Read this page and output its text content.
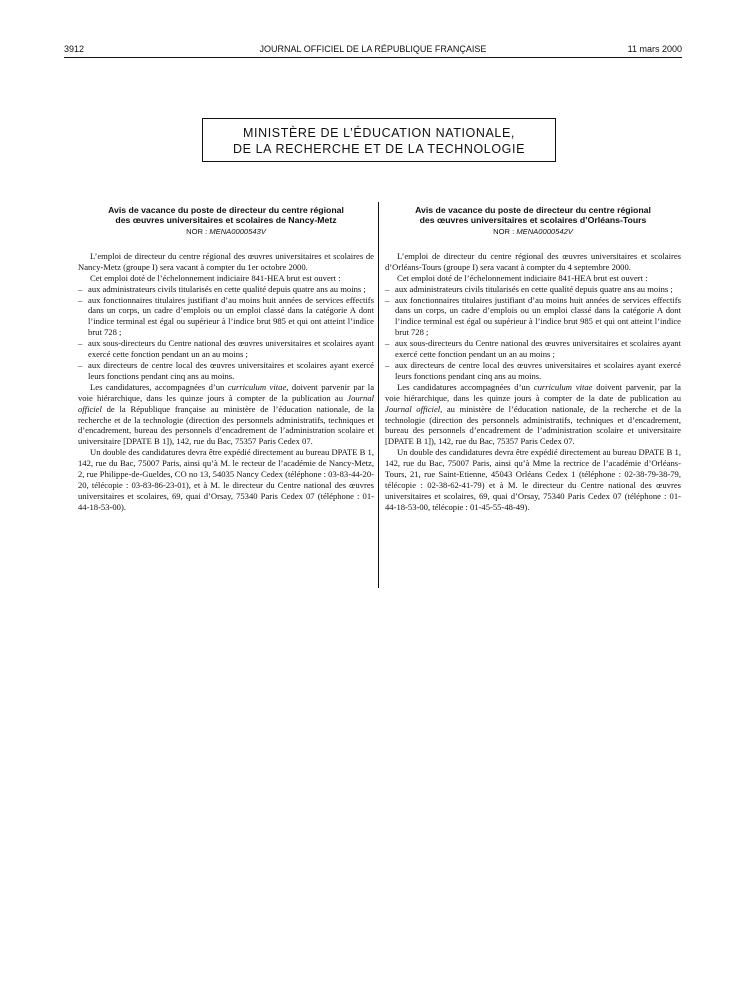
3912	JOURNAL OFFICIEL DE LA RÉPUBLIQUE FRANÇAISE	11 mars 2000
MINISTÈRE DE L’ÉDUCATION NATIONALE,
DE LA RECHERCHE ET DE LA TECHNOLOGIE
Avis de vacance du poste de directeur du centre régional
des œuvres universitaires et scolaires de Nancy-Metz
NOR : MENA0000543V

L’emploi de directeur du centre régional des œuvres universitaires et scolaires de Nancy-Metz (groupe I) sera vacant à compter du 1er octobre 2000.

Cet emploi doté de l’échelonnement indiciaire 841-HEA brut est ouvert :

– aux administrateurs civils titularisés en cette qualité depuis quatre ans au moins ;
– aux fonctionnaires titulaires justifiant d’au moins huit années de services effectifs dans un corps, un cadre d’emplois ou un emploi classé dans la catégorie A dont l’indice terminal est égal ou supérieur à l’indice brut 985 et qui ont atteint l’indice brut 728 ;
– aux sous-directeurs du Centre national des œuvres universitaires et scolaires ayant exercé cette fonction pendant un an au moins ;
– aux directeurs de centre local des œuvres universitaires et scolaires ayant exercé leurs fonctions pendant cinq ans au moins.

Les candidatures, accompagnées d’un curriculum vitae, doivent parvenir par la voie hiérarchique, dans les quinze jours à compter de la publication au Journal officiel de la République française au ministère de l’éducation nationale, de la recherche et de la technologie (direction des personnels administratifs, techniques et d’encadrement, bureau des personnels d’encadrement de l’administration scolaire et universitaire [DPATE B 1]), 142, rue du Bac, 75357 Paris Cedex 07.

Un double des candidatures devra être expédié directement au bureau DPATE B 1, 142, rue du Bac, 75007 Paris, ainsi qu’à M. le recteur de l’académie de Nancy-Metz, 2, rue Philippe-de-Gueldes, CO no 13, 54035 Nancy Cedex (téléphone : 03-83-44-20-20, télécopie : 03-83-86-23-01), et à M. le directeur du Centre national des œuvres universitaires et scolaires, 69, quai d’Orsay, 75340 Paris Cedex 07 (téléphone : 01-44-18-53-00).

Avis de vacance du poste de directeur du centre régional
des œuvres universitaires et scolaires d’Orléans-Tours
NOR : MENA0000542V

L’emploi de directeur du centre régional des œuvres universitaires et scolaires d’Orléans-Tours (groupe I) sera vacant à compter du 4 septembre 2000.

Cet emploi doté de l’échelonnement indiciaire 841-HEA brut est ouvert :

– aux administrateurs civils titularisés en cette qualité depuis quatre ans au moins ;
– aux fonctionnaires titulaires justifiant d’au moins huit années de services effectifs dans un corps, un cadre d’emplois ou un emploi classé dans la catégorie A dont l’indice terminal est égal ou supérieur à l’indice brut 985 et qui ont atteint l’indice brut 728 ;
– aux sous-directeurs du Centre national des œuvres universitaires et scolaires ayant exercé cette fonction pendant un an au moins ;
– aux directeurs de centre local des œuvres universitaires et scolaires ayant exercé leurs fonctions pendant cinq ans au moins.

Les candidatures accompagnées d’un curriculum vitae doivent parvenir, par la voie hiérarchique, dans les quinze jours à compter de la date de publication au Journal officiel, au ministère de l’éducation nationale, de la recherche et de la technologie (direction des personnels administratifs, techniques et d’encadrement, bureau des personnels d’encadrement de l’administration scolaire et universitaire [DPATE B 1]), 142, rue du Bac, 75357 Paris Cedex 07.

Un double des candidatures devra être expédié directement au bureau DPATE B 1, 142, rue du Bac, 75007 Paris, ainsi qu’à Mme la rectrice de l’académie d’Orléans-Tours, 21, rue Saint-Etienne, 45043 Orléans Cedex 1 (téléphone : 02-38-79-38-79, télécopie : 02-38-62-41-79) et à M. le directeur du Centre national des œuvres universitaires et scolaires, 69, quai d’Orsay, 75340 Paris Cedex 07 (téléphone : 01-44-18-53-00, télécopie : 01-45-55-48-49).
